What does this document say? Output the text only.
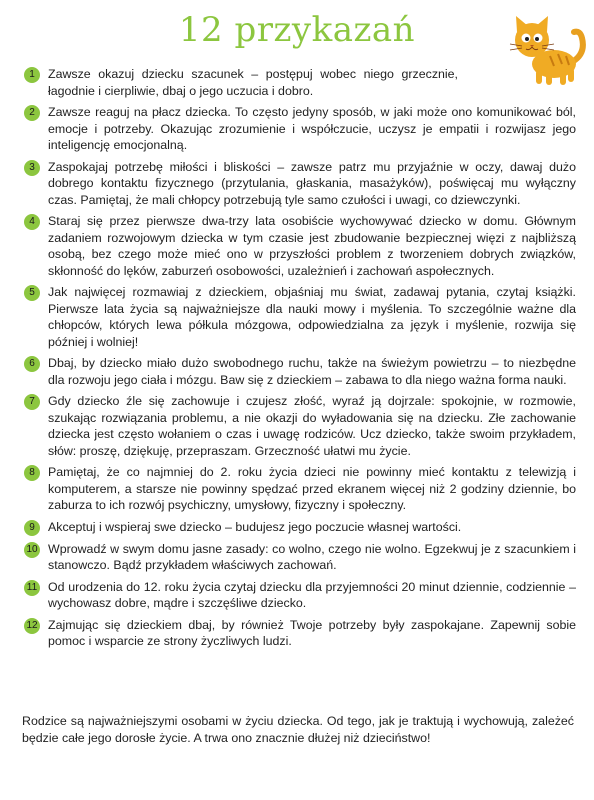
12 przykazań
1	Zawsze okazuj dziecku szacunek – postępuj wobec niego grzecznie, łagodnie i cierpliwie, dbaj o jego uczucia i dobro.
2	Zawsze reaguj na płacz dziecka. To często jedyny sposób, w jaki może ono komunikować ból, emocje i potrzeby. Okazując zrozumienie i współczucie, uczysz je empatii i rozwijasz jego inteligencję emocjonalną.
3	Zaspokajaj potrzebę miłości i bliskości – zawsze patrz mu przyjaźnie w oczy, dawaj dużo dobrego kontaktu fizycznego (przytulania, głaskania, masażyków), poświęcaj mu wyłączny czas. Pamiętaj, że mali chłopcy potrzebują tyle samo czułości i uwagi, co dziewczynki.
4	Staraj się przez pierwsze dwa-trzy lata osobiście wychowywać dziecko w domu. Głównym zadaniem rozwojowym dziecka w tym czasie jest zbudowanie bezpiecznej więzi z najbliższą osobą, bez czego może mieć ono w przyszłości problem z tworzeniem dobrych związków, skłonność do lęków, zaburzeń osobowości, uzależnień i zachowań aspołecznych.
5	Jak najwięcej rozmawiaj z dzieckiem, objaśniaj mu świat, zadawaj pytania, czytaj książki. Pierwsze lata życia są najważniejsze dla nauki mowy i myślenia. To szczególnie ważne dla chłopców, których lewa półkula mózgowa, odpowiedzialna za język i myślenie, rozwija się później i wolniej!
6	Dbaj, by dziecko miało dużo swobodnego ruchu, także na świeżym powietrzu – to niezbędne dla rozwoju jego ciała i mózgu. Baw się z dzieckiem – zabawa to dla niego ważna forma nauki.
7	Gdy dziecko źle się zachowuje i czujesz złość, wyraź ją dojrzale: spokojnie, w rozmowie, szukając rozwiązania problemu, a nie okazji do wyładowania się na dziecku. Złe zachowanie dziecka jest często wołaniem o czas i uwagę rodziców. Ucz dziecko, także swoim przykładem, słów: proszę, dziękuję, przepraszam. Grzeczność ułatwi mu życie.
8	Pamiętaj, że co najmniej do 2. roku życia dzieci nie powinny mieć kontaktu z telewizją i komputerem, a starsze nie powinny spędzać przed ekranem więcej niż 2 godziny dziennie, bo zaburza to ich rozwój psychiczny, umysłowy, fizyczny i społeczny.
9	Akceptuj i wspieraj swe dziecko – budujesz jego poczucie własnej wartości.
10 Wprowadź w swym domu jasne zasady: co wolno, czego nie wolno. Egzekwuj je z szacunkiem i stanowczo. Bądź przykładem właściwych zachowań.
11 Od urodzenia do 12. roku życia czytaj dziecku dla przyjemności 20 minut dziennie, codziennie – wychowasz dobre, mądre i szczęśliwe dziecko.
12 Zajmując się dzieckiem dbaj, by również Twoje potrzeby były zaspokajane. Zapewnij sobie pomoc i wsparcie ze strony życzliwych ludzi.
Rodzice są najważniejszymi osobami w życiu dziecka. Od tego, jak je traktują i wychowują, zależeć będzie całe jego dorosłe życie. A trwa ono znacznie dłużej niż dzieciństwo!
